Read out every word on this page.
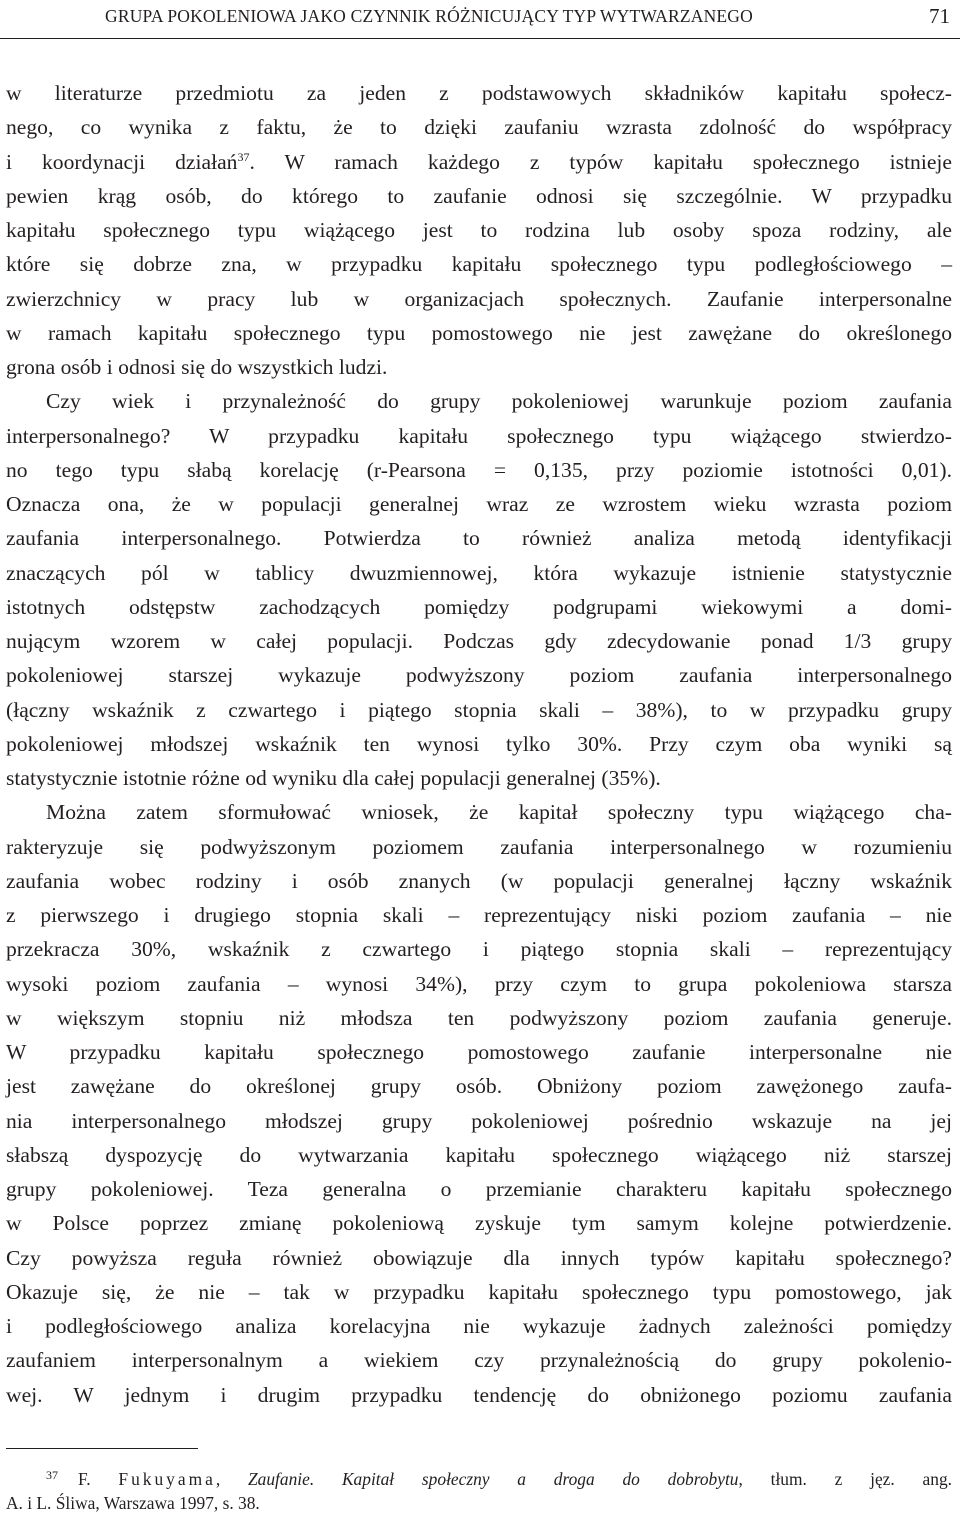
GRUPA POKOLENIOWA JAKO CZYNNIK RÓŻNICUJĄCY TYP WYTWARZANEGO	71
w literaturze przedmiotu za jeden z podstawowych składników kapitału społecz-
nego, co wynika z faktu, że to dzięki zaufaniu wzrasta zdolność do współpracy
i koordynacji działań$^{37}$. W ramach każdego z typów kapitału społecznego istnieje
pewien krąg osób, do którego to zaufanie odnosi się szczególnie. W przypadku
kapitału społecznego typu wiążącego jest to rodzina lub osoby spoza rodziny, ale
które się dobrze zna, w przypadku kapitału społecznego typu podległościowego –
zwierzchnicy w pracy lub w organizacjach społecznych. Zaufanie interpersonalne
w ramach kapitału społecznego typu pomostowego nie jest zawężane do określonego
grona osób i odnosi się do wszystkich ludzi.
Czy wiek i przynależność do grupy pokoleniowej warunkuje poziom zaufania
interpersonalnego? W przypadku kapitału społecznego typu wiążącego stwierdzo-
no tego typu słabą korelację (r-Pearsona = 0,135, przy poziomie istotności 0,01).
Oznacza ona, że w populacji generalnej wraz ze wzrostem wieku wzrasta poziom
zaufania interpersonalnego. Potwierdza to również analiza metodą identyfikacji
znaczących pól w tablicy dwuzmiennowej, która wykazuje istnienie statystycznie
istotnych odstępstw zachodzących pomiędzy podgrupami wiekowymi a domi-
nującym wzorem w całej populacji. Podczas gdy zdecydowanie ponad 1/3 grupy
pokoleniowej starszej wykazuje podwyższony poziom zaufania interpersonalnego
(łączny wskaźnik z czwartego i piątego stopnia skali – 38%), to w przypadku grupy
pokoleniowej młodszej wskaźnik ten wynosi tylko 30%. Przy czym oba wyniki są
statystycznie istotnie różne od wyniku dla całej populacji generalnej (35%).
Można zatem sformułować wniosek, że kapitał społeczny typu wiążącego cha-
rakteryzuje się podwyższonym poziomem zaufania interpersonalnego w rozumieniu
zaufania wobec rodziny i osób znanych (w populacji generalnej łączny wskaźnik
z pierwszego i drugiego stopnia skali – reprezentujący niski poziom zaufania – nie
przekracza 30%, wskaźnik z czwartego i piątego stopnia skali – reprezentujący
wysoki poziom zaufania – wynosi 34%), przy czym to grupa pokoleniowa starsza
w większym stopniu niż młodsza ten podwyższony poziom zaufania generuje.
W przypadku kapitału społecznego pomostowego zaufanie interpersonalne nie
jest zawężane do określonej grupy osób. Obniżony poziom zawężonego zaufa-
nia interpersonalnego młodszej grupy pokoleniowej pośrednio wskazuje na jej
słabszą dyspozycję do wytwarzania kapitału społecznego wiążącego niż starszej
grupy pokoleniowej. Teza generalna o przemianie charakteru kapitału społecznego
w Polsce poprzez zmianę pokoleniową zyskuje tym samym kolejne potwierdzenie.
Czy powyższa reguła również obowiązuje dla innych typów kapitału społecznego?
Okazuje się, że nie – tak w przypadku kapitału społecznego typu pomostowego, jak
i podległościowego analiza korelacyjna nie wykazuje żadnych zależności pomiędzy
zaufaniem interpersonalnym a wiekiem czy przynależnością do grupy pokolenio-
wej. W jednym i drugim przypadku tendencję do obniżonego poziomu zaufania
$^{37}$ F. Fukuyama, Zaufanie. Kapitał społeczny a droga do dobrobytu, tłum. z jęz. ang.
A. i L. Śliwa, Warszawa 1997, s. 38.
